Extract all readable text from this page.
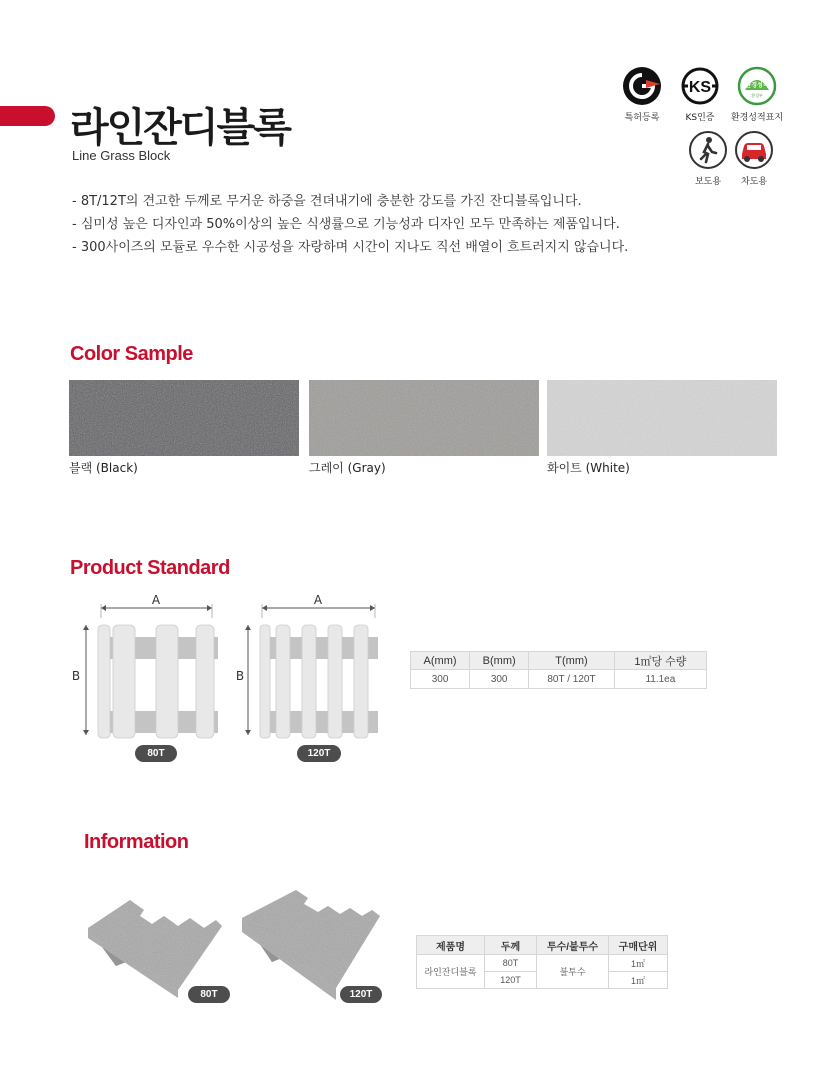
라인잔디블록
Line Grass Block
특허등록
KS
KS인증
환경성적
환경부
환경성적표지
보도용	차도용
- 8T/12T의 견고한 두께로 무거운 하중을 견뎌내기에 충분한 강도를 가진 잔디블록입니다.
- 심미성 높은 디자인과 50%이상의 높은 식생률으로 기능성과 디자인 모두 만족하는 제품입니다.
- 300사이즈의 모듈로 우수한 시공성을 자랑하며 시간이 지나도 직선 배열이 흐트러지지 않습니다.
Color Sample
블랙 (Black)	그레이 (Gray)	화이트 (White)
Product Standard
A
B
80T
A
B
120T
A(mm)	B(mm)	T(mm)	1㎡당 수량
300	300	80T / 120T	11.1ea
Information
80T	120T
제품명	두께	투수/불투수	구매단위
라인잔디블록	80T	불투수	1㎡
	120T		1㎡
